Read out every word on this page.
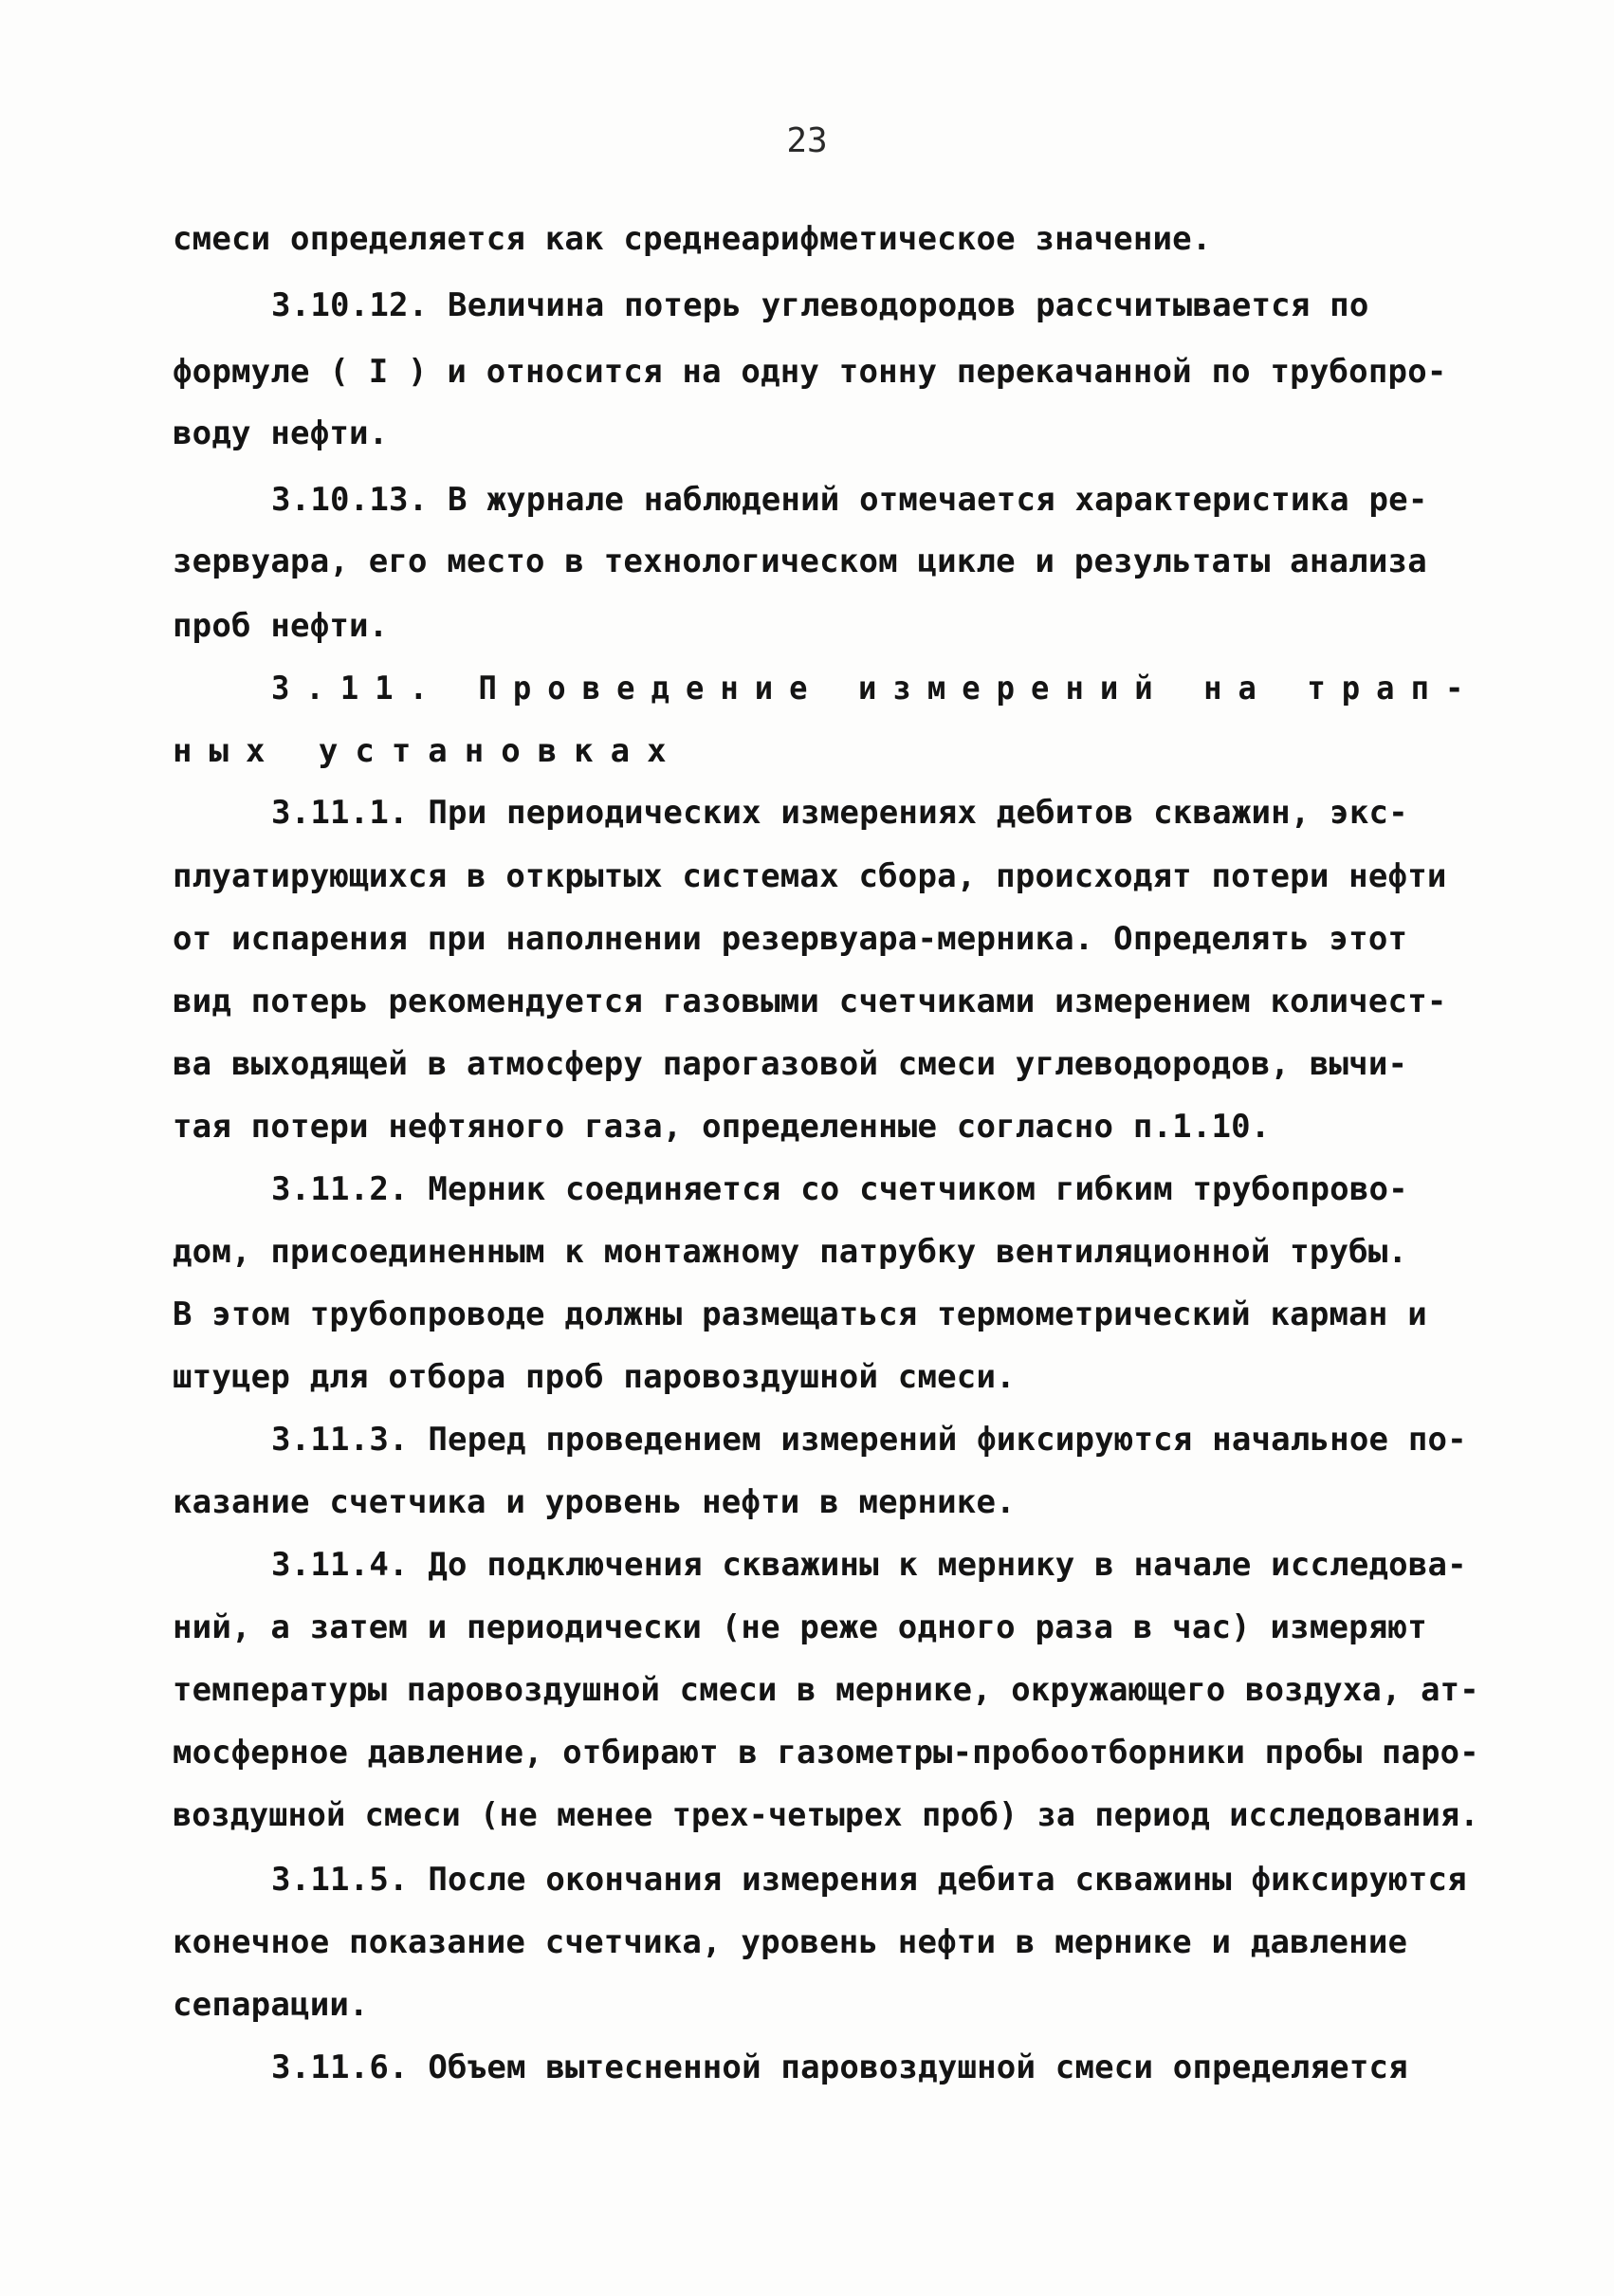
23
смеси определяется как среднеарифметическое значение.
3.10.12. Величина потерь углеводородов рассчитывается по
формуле ( I ) и относится на одну тонну перекачанной по трубопро-
воду нефти.
3.10.13. В журнале наблюдений отмечается характеристика ре-
зервуара, его место в технологическом цикле и результаты анализа
проб нефти.
3.11. Проведение измерений на трап-
ных установках
3.11.1. При периодических измерениях дебитов скважин, экс-
плуатирующихся в открытых системах сбора, происходят потери нефти
от испарения при наполнении резервуара-мерника. Определять этот
вид потерь рекомендуется газовыми счетчиками измерением количест-
ва выходящей в атмосферу парогазовой смеси углеводородов, вычи-
тая потери нефтяного газа, определенные согласно п.1.10.
3.11.2. Мерник соединяется со счетчиком гибким трубопрово-
дом, присоединенным к монтажному патрубку вентиляционной трубы.
В этом трубопроводе должны размещаться термометрический карман и
штуцер для отбора проб паровоздушной смеси.
3.11.3. Перед проведением измерений фиксируются начальное по-
казание счетчика и уровень нефти в мернике.
3.11.4. До подключения скважины к мернику в начале исследова-
ний, а затем и периодически (не реже одного раза в час) измеряют
температуры паровоздушной смеси в мернике, окружающего воздуха, ат-
мосферное давление, отбирают в газометры-пробоотборники пробы паро-
воздушной смеси (не менее трех-четырех проб) за период исследования.
3.11.5. После окончания измерения дебита скважины фиксируются
конечное показание счетчика, уровень нефти в мернике и давление
сепарации.
3.11.6. Объем вытесненной паровоздушной смеси определяется
